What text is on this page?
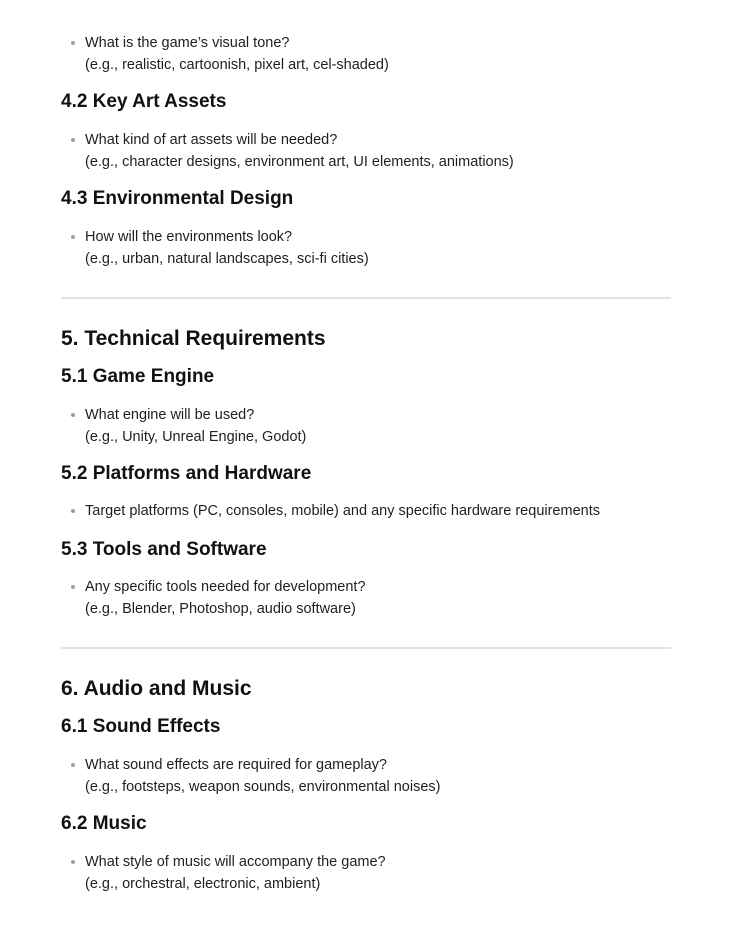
What is the game’s visual tone?
(e.g., realistic, cartoonish, pixel art, cel-shaded)
4.2 Key Art Assets
What kind of art assets will be needed?
(e.g., character designs, environment art, UI elements, animations)
4.3 Environmental Design
How will the environments look?
(e.g., urban, natural landscapes, sci-fi cities)
5. Technical Requirements
5.1 Game Engine
What engine will be used?
(e.g., Unity, Unreal Engine, Godot)
5.2 Platforms and Hardware
Target platforms (PC, consoles, mobile) and any specific hardware requirements
5.3 Tools and Software
Any specific tools needed for development?
(e.g., Blender, Photoshop, audio software)
6. Audio and Music
6.1 Sound Effects
What sound effects are required for gameplay?
(e.g., footsteps, weapon sounds, environmental noises)
6.2 Music
What style of music will accompany the game?
(e.g., orchestral, electronic, ambient)
